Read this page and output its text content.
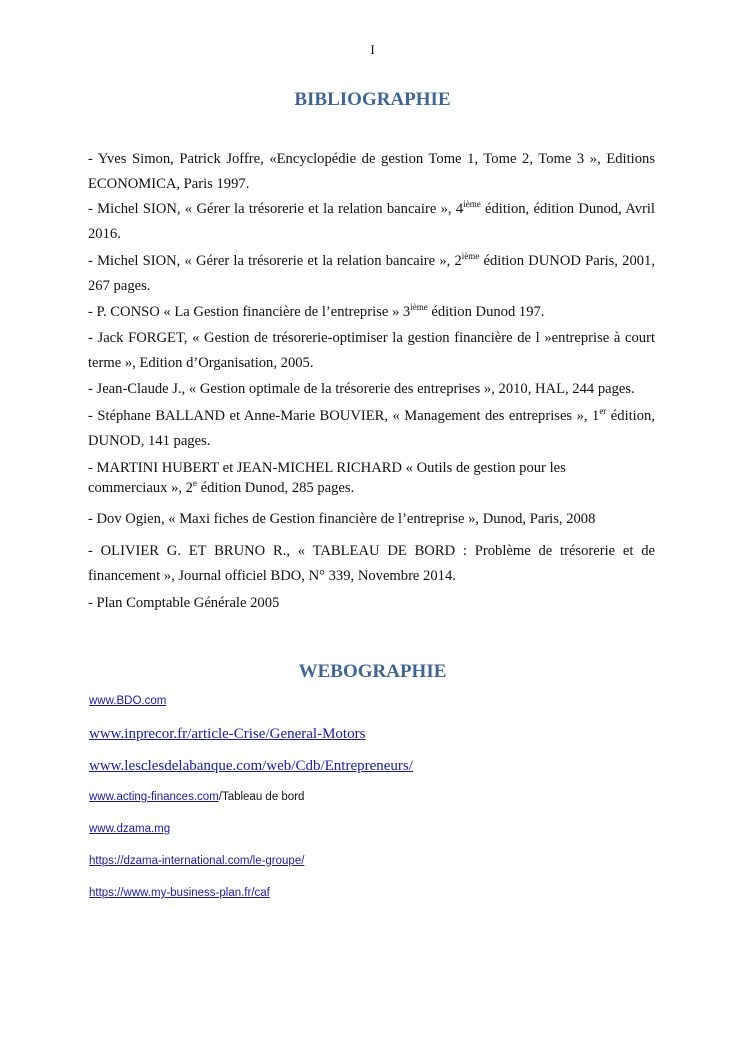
I
BIBLIOGRAPHIE
- Yves Simon, Patrick Joffre, «Encyclopédie de gestion Tome 1, Tome 2, Tome 3 », Editions ECONOMICA, Paris 1997.
- Michel SION, « Gérer la trésorerie et la relation bancaire », 4ième édition, édition Dunod, Avril 2016.
- Michel SION, « Gérer la trésorerie et la relation bancaire », 2ième édition DUNOD Paris, 2001, 267 pages.
- P. CONSO « La Gestion financière de l’entreprise » 3ième édition Dunod 197.
- Jack FORGET, « Gestion de trésorerie-optimiser la gestion financière de l »entreprise à court terme », Edition d’Organisation, 2005.
- Jean-Claude J., « Gestion optimale de la trésorerie des entreprises », 2010, HAL, 244 pages.
- Stéphane BALLAND et Anne-Marie BOUVIER, « Management des entreprises », 1er édition, DUNOD, 141 pages.
- MARTINI HUBERT et JEAN-MICHEL RICHARD « Outils de gestion pour les commerciaux », 2e édition Dunod, 285 pages.
- Dov Ogien, « Maxi fiches de Gestion financière de l’entreprise », Dunod, Paris, 2008
- OLIVIER G. ET BRUNO R., « TABLEAU DE BORD : Problème de trésorerie et de financement », Journal officiel BDO, N° 339, Novembre 2014.
- Plan Comptable Générale 2005
WEBOGRAPHIE
www.BDO.com
www.inprecor.fr/article-Crise/General-Motors
www.lesclesdelabanque.com/web/Cdb/Entrepreneurs/
www.acting-finances.com/Tableau de bord
www.dzama.mg
https://dzama-international.com/le-groupe/
https://www.my-business-plan.fr/caf
